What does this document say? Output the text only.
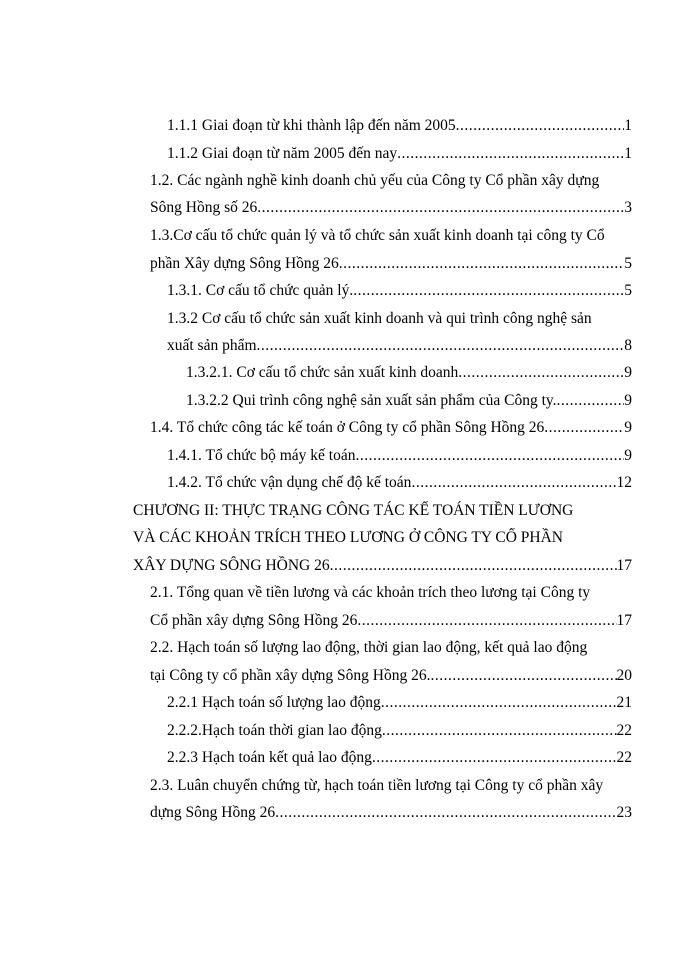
1.1.1 Giai đoạn từ khi thành lập đến năm 2005 .....	1
1.1.2 Giai đoạn từ năm 2005 đến nay .....	1
1.2. Các ngành nghề kinh doanh chủ yếu của Công ty Cổ phần xây dựng
Sông Hồng số 26 .....	3
1.3.Cơ cấu tổ chức quản lý và tổ chức sản xuất kinh doanh tại công ty Cổ
phần Xây dựng Sông Hồng 26 .....	5
1.3.1. Cơ cấu tổ chức quản lý. .....	5
1.3.2 Cơ cấu tổ chức sản xuất kinh doanh và qui trình công nghệ sản
xuất sản phẩm .....	8
1.3.2.1. Cơ cấu tổ chức sản xuất kinh doanh .....	9
1.3.2.2 Qui trình công nghệ sản xuất sản phẩm của Công ty. .....	9
1.4. Tổ chức công tác kế toán ở Công ty cổ phần Sông Hồng 26 .....	9
1.4.1. Tổ chức bộ máy kế toán .....	9
1.4.2. Tổ chức vận dụng chế độ kế toán .....	12
CHƯƠNG II: THỰC TRẠNG CÔNG TÁC KẾ TOÁN TIỀN LƯƠNG
VÀ CÁC KHOẢN TRÍCH THEO LƯƠNG Ở CÔNG TY CỔ PHẦN
XÂY DỰNG SÔNG HỒNG 26 .....	17
2.1. Tổng quan về tiền lương và các khoản trích theo lương tại Công ty
Cổ phần xây dựng Sông Hồng 26 .....	17
2.2. Hạch toán số lượng lao động, thời gian lao động, kết quả lao động
tại Công ty cổ phần xây dựng Sông Hồng 26. .....	20
2.2.1 Hạch toán số lượng lao động .....	21
2.2.2.Hạch toán thời gian lao động .....	22
2.2.3 Hạch toán kết quả lao động .....	22
2.3. Luân chuyển chứng từ, hạch toán tiền lương tại Công ty cổ phần xây
dựng Sông Hồng 26 .....	23
